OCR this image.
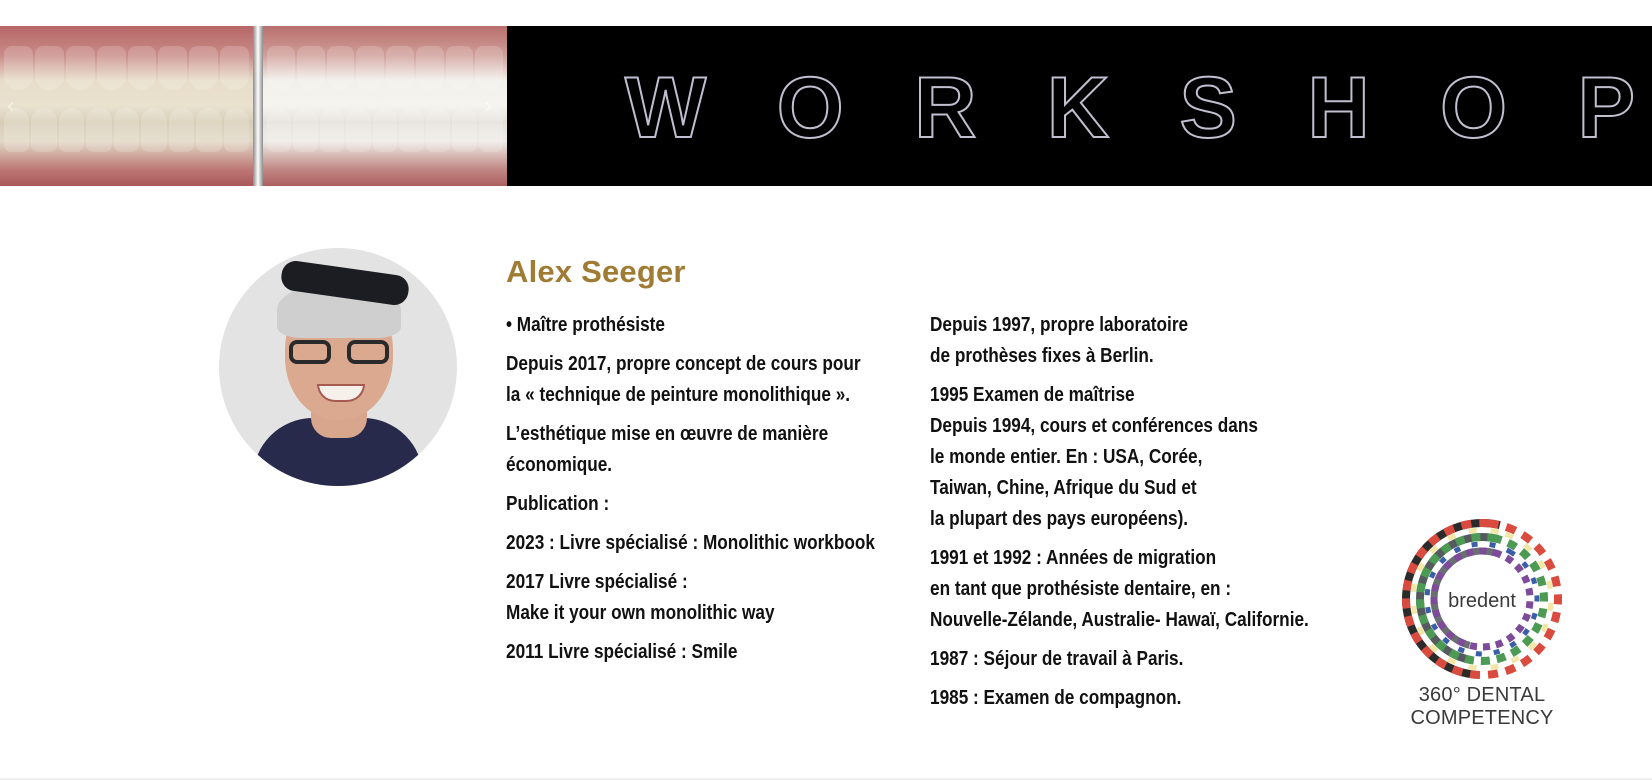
‹	› W O R K S H O P
Alex Seeger

• Maître prothésiste

Depuis 2017, propre concept de cours pour
la « technique de peinture monolithique ».

L’esthétique mise en œuvre de manière
économique.

Publication :

2023 : Livre spécialisé : Monolithic workbook

2017 Livre spécialisé :
Make it your own monolithic way

2011 Livre spécialisé : Smile

Depuis 1997, propre laboratoire
de prothèses fixes à Berlin.

1995 Examen de maîtrise
Depuis 1994, cours et conférences dans
le monde entier. En : USA, Corée,
Taiwan, Chine, Afrique du Sud et
la plupart des pays européens).

1991 et 1992 : Années de migration
en tant que prothésiste dentaire, en :
Nouvelle-Zélande, Australie- Hawaï, Californie.

1987 : Séjour de travail à Paris.

1985 : Examen de compagnon.

bredent
360° DENTAL COMPETENCY
